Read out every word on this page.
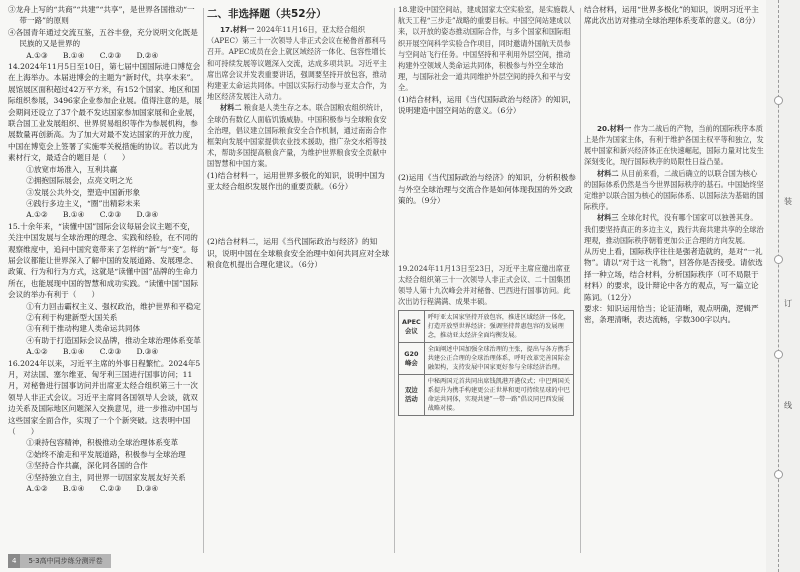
③龙舟上写的“共商”“共建”“共享”，是世界各国推动“一带一路”的原则
④各国青年通过交流互鉴，五谷丰登，充分说明文化既是民族的又是世界的
A.①③　　B.①④　　C.②③　　D.②④
14.2024年11月5日至10日，第七届中国国际进口博览会在上海举办。本届进博会的主题为“新时代，共享未来”。展馆展区面积超过42万平方米，有152个国家、地区和国际组织参展，3496家企业参加企业展。值得注意的是，展会期间还设立了37个最不发达国家参加国家展和企业展，联合国工业发展组织、世界贸易组织等作为参展机构，参展数量再创新高。为了加大对最不发达国家的开放力度，中国在博览会上签署了实施零关税措施的协议。若以此为素材行文，最适合的题目是（　　）
①放宽市场准入，互利共赢
②拥抱国际展会，点亮文明之光
③发展公共外交，塑造中国新形象
④践行多边主义，“圈”出精彩未来
A.①②　　B.①④　　C.②③　　D.③④
15.十余年来，“读懂中国”国际会议每届会议主题不变，关注中国发展与全球治理的理念、实践和经验，在不同的观察维度中，追问中国究竟带来了怎样的“新”与“变”。每届会议都能让世界深入了解中国的发展道路、发展理念、政策、行为和行为方式，这就是“读懂中国”品牌的生命力所在，也能展现中国的智慧和成功实践。“读懂中国”国际会议的举办有利于（　　）
①有力回击霸权主义、强权政治，维护世界和平稳定
②有利于构建新型大国关系
③有利于推动构建人类命运共同体
④有助于打造国际会议品牌，推动全球治理体系变革
A.①②　　B.①④　　C.②③　　D.③④
16.2024年以来，习近平主席的外事日程繁忙。2024年5月，对法国、塞尔维亚、匈牙利三国进行国事访问；11月，对秘鲁进行国事访问并出席亚太经合组织第三十一次领导人非正式会议。习近平主席同各国领导人会谈，就双边关系及国际地区问题深入交换意见，进一步推动中国与这些国家全面合作，实现了一个个新突破。这表明中国（　　）
①秉持包容精神，积极推动全球治理体系变革
②始终不渝走和平发展道路，积极参与全球治理
③坚持合作共赢，深化同各国的合作
④坚持独立自主，同世界一切国家发展友好关系
A.①②　　B.①④　　C.②③　　D.③④
二、非选择题（共52分）
17.材料一 2024年11月16日，亚太经合组织（APEC）第三十一次领导人非正式会议在秘鲁首都利马召开。APEC成员在会上就区域经济一体化、包容性增长和可持续发展等议题深入交流，达成多项共识。习近平主席出席会议并发表重要讲话，强调要坚持开放包容，推动构建亚太命运共同体。中国以实际行动参与亚太合作，为地区经济发展注入动力。
材料二 粮食是人类生存之本。联合国粮农组织统计，全球仍有数亿人面临饥饿威胁。中国积极参与全球粮食安全治理，倡议建立国际粮食安全合作机制，通过南南合作框架向发展中国家提供农业技术援助，推广杂交水稻等技术，帮助多国提高粮食产量，为维护世界粮食安全贡献中国智慧和中国方案。
(1)结合材料一，运用世界多极化的知识，说明中国为亚太经合组织发展作出的重要贡献。（6分）
(2)结合材料二，运用《当代国际政治与经济》的知识，说明中国在全球粮食安全治理中如何共同应对全球粮食危机提出合理化建议。（6分）
18.建设中国空间站，建成国家太空实验室，是实施载人航天工程“三步走”战略的重要目标。中国空间站建成以来，以开放的姿态推动国际合作，与多个国家和国际组织开展空间科学实验合作项目，同时邀请外国航天员参与空间站飞行任务。中国坚持和平利用外层空间，推动构建外空领域人类命运共同体，积极参与外空全球治理，与国际社会一道共同维护外层空间的持久和平与安全。
(1)结合材料，运用《当代国际政治与经济》的知识，说明建造中国空间站的意义。（6分）
(2)运用《当代国际政治与经济》的知识，分析积极参与外空全球治理与交流合作是如何体现我国的外交政策的。（9分）
19.2024年11月13日至23日，习近平主席应邀出席亚太经合组织第三十一次领导人非正式会议、二十国集团领导人第十九次峰会并对秘鲁、巴西进行国事访问。此次出访行程满满、成果丰硕。
APEC会议	呼吁亚太国家坚持开放包容，推进区域经济一体化，打造开放型世界经济；强调坚持普惠包容的发展理念，推动亚太经济全面均衡发展。
G20峰会	全面阐述中国加强全球治理的主张，提出与各方携手共建公正合理的全球治理体系，呼吁改革完善国际金融架构，支持发展中国家更好参与全球经济治理。
双边活动	中秘两国元首共同出席钱凯港开港仪式；中巴两国关系提升为携手构建更公正世界和更可持续星球的中巴命运共同体，实现共建“一带一路”倡议同巴西发展战略对接。
结合材料，运用“世界多极化”的知识，说明习近平主席此次出访对推动全球治理体系变革的意义。（8分）
20.材料一 作为二战后的产物，当前的国际秩序本质上是作为国家主体，有利于维护各国主权平等和独立，发展中国家和新兴经济体正在快速崛起，国际力量对比发生深刻变化，现行国际秩序的局限性日益凸显。
材料二 从目前来看，二战后确立的以联合国为核心的国际体系仍然是当今世界国际秩序的基石。中国始终坚定维护以联合国为核心的国际体系、以国际法为基础的国际秩序。
材料三 全球化时代，没有哪个国家可以独善其身。我们要坚持真正的多边主义，践行共商共建共享的全球治理观，推动国际秩序朝着更加公正合理的方向发展。
从历史上看，国际秩序往往是强者造就的，是对“一礼物”。请以“对于这一礼物”，回答你是否接受。请依选择一种立场，结合材料，分析国际秩序（可不局限于材料）的要求，设计辩论中各方的观点，写一篇立论陈词。（12分）
要求：知识运用恰当；论证清晰，观点明确，逻辑严密，条理清晰，表达流畅，字数300字以内。
装
订
线
4 5·3高中同步练分测评卷
